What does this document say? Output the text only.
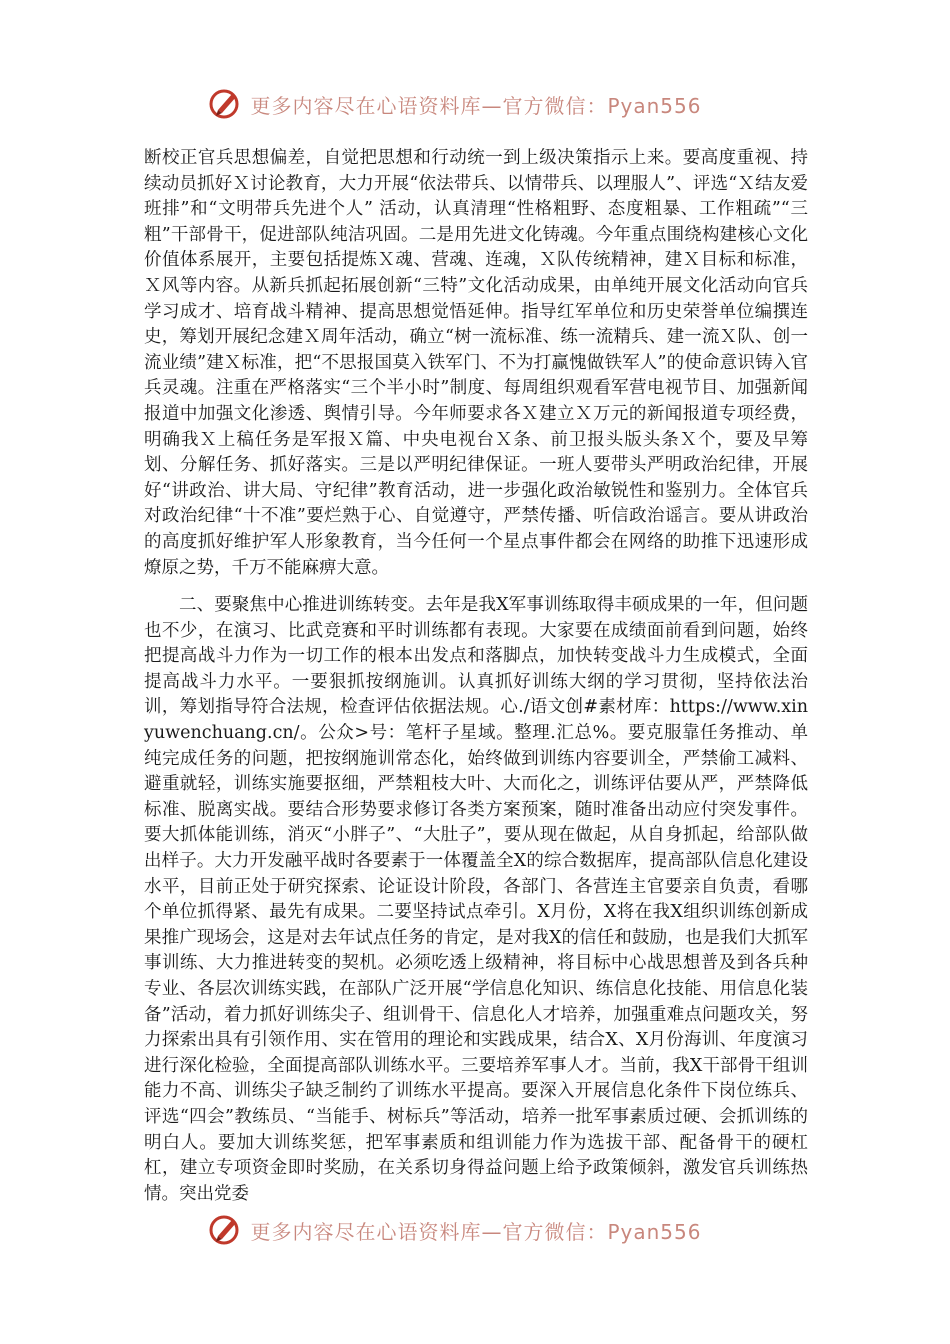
更多内容尽在心语资料库—官方微信：Pyan556

断校正官兵思想偏差，自觉把思想和行动统一到上级决策指示上来。要高度重视、持续动员抓好Ｘ讨论教育，大力开展“依法带兵、以情带兵、以理服人”、评选“Ｘ结友爱班排”和“文明带兵先进个人” 活动，认真清理“性格粗野、态度粗暴、工作粗疏”“三粗”干部骨干，促进部队纯洁巩固。二是用先进文化铸魂。今年重点围绕构建核心文化价值体系展开，主要包括提炼Ｘ魂、营魂、连魂，Ｘ队传统精神，建Ｘ目标和标准，Ｘ风等内容。从新兵抓起拓展创新“三特”文化活动成果，由单纯开展文化活动向官兵学习成才、培育战斗精神、提高思想觉悟延伸。指导红军单位和历史荣誉单位编撰连史，筹划开展纪念建Ｘ周年活动，确立“树一流标准、练一流精兵、建一流Ｘ队、创一流业绩”建Ｘ标准，把“不思报国莫入铁军门、不为打赢愧做铁军人”的使命意识铸入官兵灵魂。注重在严格落实“三个半小时”制度、每周组织观看军营电视节目、加强新闻报道中加强文化渗透、舆情引导。今年师要求各Ｘ建立Ｘ万元的新闻报道专项经费，明确我Ｘ上稿任务是军报Ｘ篇、中央电视台Ｘ条、前卫报头版头条Ｘ个，要及早筹划、分解任务、抓好落实。三是以严明纪律保证。一班人要带头严明政治纪律，开展好“讲政治、讲大局、守纪律”教育活动，进一步强化政治敏锐性和鉴别力。全体官兵对政治纪律“十不准”要烂熟于心、自觉遵守，严禁传播、听信政治谣言。要从讲政治的高度抓好维护军人形象教育，当今任何一个星点事件都会在网络的助推下迅速形成燎原之势，千万不能麻痹大意。

二、要聚焦中心推进训练转变。去年是我X军事训练取得丰硕成果的一年，但问题也不少，在演习、比武竞赛和平时训练都有表现。大家要在成绩面前看到问题，始终把提高战斗力作为一切工作的根本出发点和落脚点，加快转变战斗力生成模式，全面提高战斗力水平。一要狠抓按纲施训。认真抓好训练大纲的学习贯彻，坚持依法治训，筹划指导符合法规，检查评估依据法规。心./语文创#素材库：https://www.xinyuwenchuang.cn/。公众>号：笔杆子星域。整理.汇总%。要克服靠任务推动、单纯完成任务的问题，把按纲施训常态化，始终做到训练内容要训全，严禁偷工减料、避重就轻，训练实施要抠细，严禁粗枝大叶、大而化之，训练评估要从严，严禁降低标准、脱离实战。要结合形势要求修订各类方案预案，随时准备出动应付突发事件。要大抓体能训练，消灭“小胖子”、“大肚子”，要从现在做起，从自身抓起，给部队做出样子。大力开发融平战时各要素于一体覆盖全X的综合数据库，提高部队信息化建设水平，目前正处于研究探索、论证设计阶段，各部门、各营连主官要亲自负责，看哪个单位抓得紧、最先有成果。二要坚持试点牵引。X月份，X将在我X组织训练创新成果推广现场会，这是对去年试点任务的肯定，是对我X的信任和鼓励，也是我们大抓军事训练、大力推进转变的契机。必须吃透上级精神，将目标中心战思想普及到各兵种专业、各层次训练实践，在部队广泛开展“学信息化知识、练信息化技能、用信息化装备”活动，着力抓好训练尖子、组训骨干、信息化人才培养，加强重难点问题攻关，努力探索出具有引领作用、实在管用的理论和实践成果，结合X、X月份海训、年度演习进行深化检验，全面提高部队训练水平。三要培养军事人才。当前，我X干部骨干组训能力不高、训练尖子缺乏制约了训练水平提高。要深入开展信息化条件下岗位练兵、评选“四会”教练员、“当能手、树标兵”等活动，培养一批军事素质过硬、会抓训练的明白人。要加大训练奖惩，把军事素质和组训能力作为选拔干部、配备骨干的硬杠杠，建立专项资金即时奖励，在关系切身得益问题上给予政策倾斜，激发官兵训练热情。突出党委

更多内容尽在心语资料库—官方微信：Pyan556
